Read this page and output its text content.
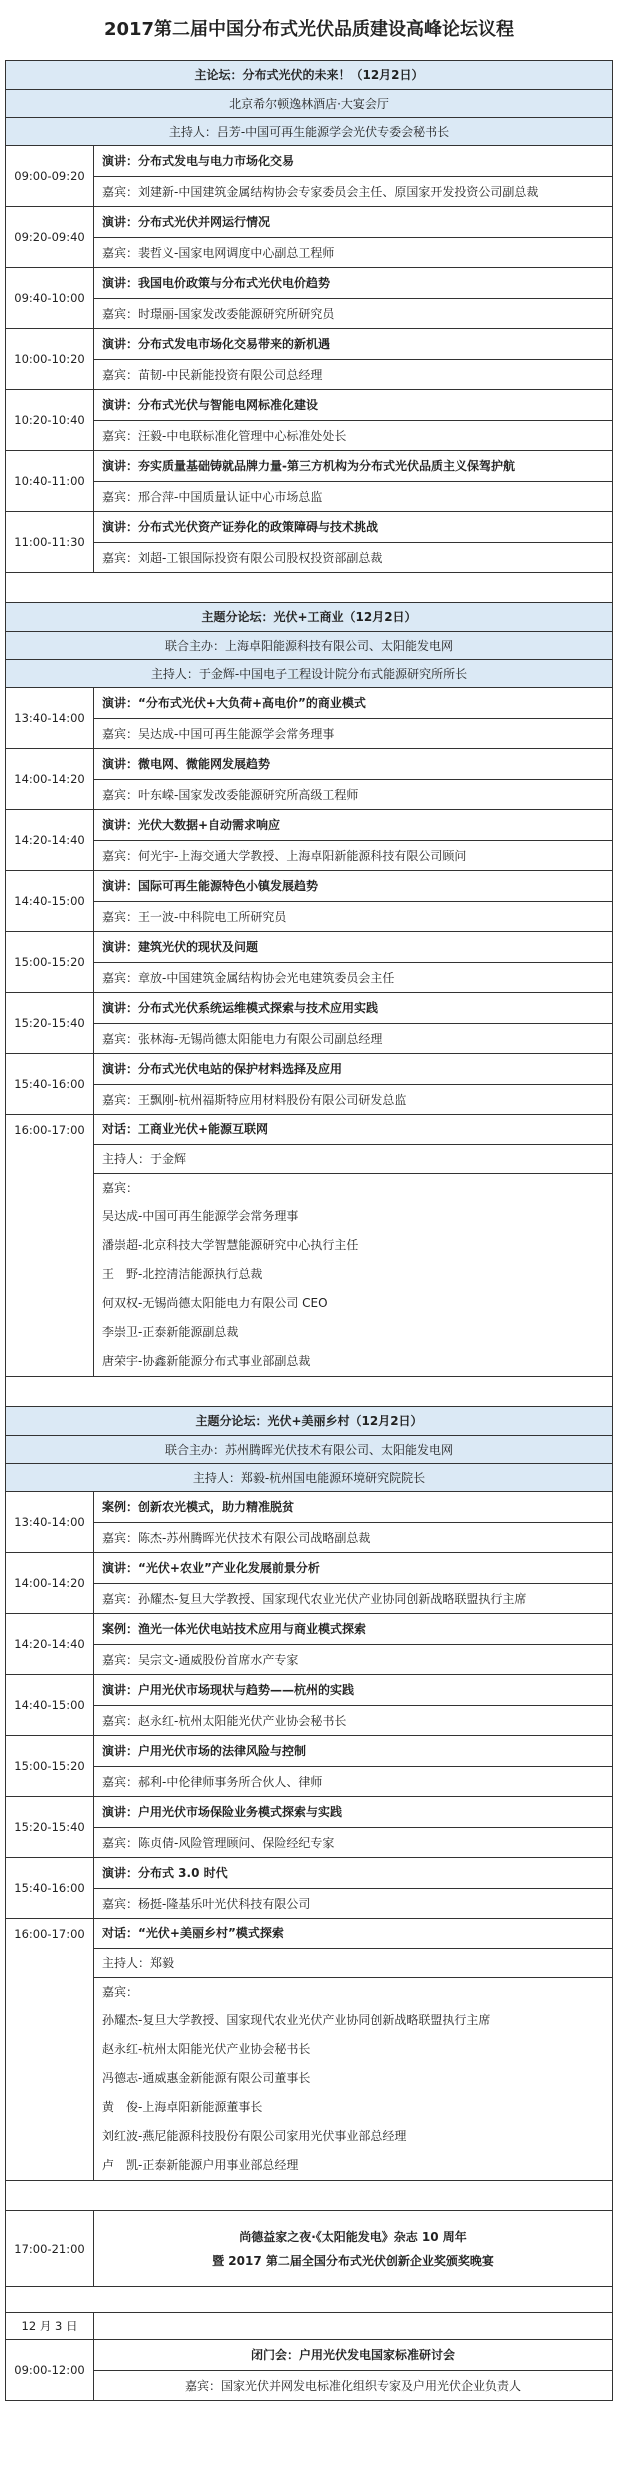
2017第二届中国分布式光伏品质建设高峰论坛议程
主论坛：分布式光伏的未来！（12月2日）
北京希尔顿逸林酒店·大宴会厅
主持人：吕芳-中国可再生能源学会光伏专委会秘书长
09:00-09:20
演讲：分布式发电与电力市场化交易
嘉宾：刘建新-中国建筑金属结构协会专家委员会主任、原国家开发投资公司副总裁
09:20-09:40
演讲：分布式光伏并网运行情况
嘉宾：裴哲义-国家电网调度中心副总工程师
09:40-10:00
演讲：我国电价政策与分布式光伏电价趋势
嘉宾：时璟丽-国家发改委能源研究所研究员
10:00-10:20
演讲：分布式发电市场化交易带来的新机遇
嘉宾：苗韧-中民新能投资有限公司总经理
10:20-10:40
演讲：分布式光伏与智能电网标准化建设
嘉宾：汪毅-中电联标准化管理中心标准处处长
10:40-11:00
演讲：夯实质量基础铸就品牌力量-第三方机构为分布式光伏品质主义保驾护航
嘉宾：邢合萍-中国质量认证中心市场总监
11:00-11:30
演讲：分布式光伏资产证券化的政策障碍与技术挑战
嘉宾：刘超-工银国际投资有限公司股权投资部副总裁
主题分论坛：光伏+工商业（12月2日）
联合主办：上海卓阳能源科技有限公司、太阳能发电网
主持人：于金辉-中国电子工程设计院分布式能源研究所所长
13:40-14:00
演讲：“分布式光伏+大负荷+高电价”的商业模式
嘉宾：吴达成-中国可再生能源学会常务理事
14:00-14:20
演讲：微电网、微能网发展趋势
嘉宾：叶东嵘-国家发改委能源研究所高级工程师
14:20-14:40
演讲：光伏大数据+自动需求响应
嘉宾：何光宇-上海交通大学教授、上海卓阳新能源科技有限公司顾问
14:40-15:00
演讲：国际可再生能源特色小镇发展趋势
嘉宾：王一波-中科院电工所研究员
15:00-15:20
演讲：建筑光伏的现状及问题
嘉宾：章放-中国建筑金属结构协会光电建筑委员会主任
15:20-15:40
演讲：分布式光伏系统运维模式探索与技术应用实践
嘉宾：张林海-无锡尚德太阳能电力有限公司副总经理
15:40-16:00
演讲：分布式光伏电站的保护材料选择及应用
嘉宾：王飘刚-杭州福斯特应用材料股份有限公司研发总监
16:00-17:00	对话：工商业光伏+能源互联网
主持人：于金辉
嘉宾：
吴达成-中国可再生能源学会常务理事
潘崇超-北京科技大学智慧能源研究中心执行主任
王　野-北控清洁能源执行总裁
何双权-无锡尚德太阳能电力有限公司 CEO
李崇卫-正泰新能源副总裁
唐荣宇-协鑫新能源分布式事业部副总裁
主题分论坛：光伏+美丽乡村（12月2日）
联合主办：苏州腾晖光伏技术有限公司、太阳能发电网
主持人：郑毅-杭州国电能源环境研究院院长
13:40-14:00
案例：创新农光模式，助力精准脱贫
嘉宾：陈杰-苏州腾晖光伏技术有限公司战略副总裁
14:00-14:20
演讲：“光伏+农业”产业化发展前景分析
嘉宾：孙耀杰-复旦大学教授、国家现代农业光伏产业协同创新战略联盟执行主席
14:20-14:40
案例：渔光一体光伏电站技术应用与商业模式探索
嘉宾：吴宗文-通威股份首席水产专家
14:40-15:00
演讲：户用光伏市场现状与趋势——杭州的实践
嘉宾：赵永红-杭州太阳能光伏产业协会秘书长
15:00-15:20
演讲：户用光伏市场的法律风险与控制
嘉宾：郝利-中伦律师事务所合伙人、律师
15:20-15:40
演讲：户用光伏市场保险业务模式探索与实践
嘉宾：陈贞倩-风险管理顾问、保险经纪专家
15:40-16:00
演讲：分布式 3.0 时代
嘉宾：杨挺-隆基乐叶光伏科技有限公司
16:00-17:00	对话：“光伏+美丽乡村”模式探索
主持人：郑毅
嘉宾：
孙耀杰-复旦大学教授、国家现代农业光伏产业协同创新战略联盟执行主席
赵永红-杭州太阳能光伏产业协会秘书长
冯德志-通威惠金新能源有限公司董事长
黄　俊-上海卓阳新能源董事长
刘红波-燕尼能源科技股份有限公司家用光伏事业部总经理
卢　凯-正泰新能源户用事业部总经理
17:00-21:00
尚德益家之夜·《太阳能发电》杂志 10 周年
暨 2017 第二届全国分布式光伏创新企业奖颁奖晚宴
12 月 3 日
09:00-12:00
闭门会：户用光伏发电国家标准研讨会
嘉宾：国家光伏并网发电标准化组织专家及户用光伏企业负责人
